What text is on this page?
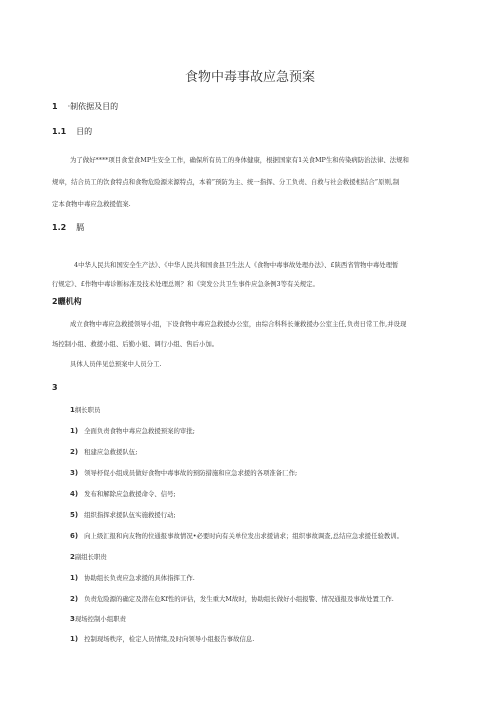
食物中毒事故应急预案
1 ·制依据及目的
1.1 目的
为了做好****项目食堂食MP生安全工作，确保所有员工的身体健康，根据国家有1关食MP生和传染病防治法律、法规和
规章，结合员工的饮食特点和食物危险源来源特点，本着”预防为主、统一指挥、分工负责、自救与社会救援相结合”原则,制
定本食物中毒应急救援值案.
1.2 膈
4中华人民共和国安全生产法》、《中华人民共和国食县卫生法人《食物中毒事故处理办法》、£陕西省管物中毒处理暂
行规定》、£作物中毒诊断标准及技术处理总则？和《突发公共卫生事件应急条例3等有关规定。
2曬机构
成立食物中毒应急救援领导小组，下设食物中毒应急救援办公室，由综合科科长兼救援办公室主任,负责日常工作,并设现
场控制小组、救援小组、后勤小姐、调行小组、售后小加。
具体人员伴见总预案中人员分工.
3
1纲长职员
1) 全面负责食物中毒应急救援预案的审批;
2) 租建应急救援队伍;
3) 领导杼促小组成员做好食物中毒事故的预防措施和应急求援的各项准备匚作;
4) 发布和解除应急救援命令、信号;
5) 组织指挥求援队伍实施救援行动;
6) 向上级汇报和向友物的位通报事故情况•必要时向有关单位发出求援请求；组织事故调查,总结应急求援任验教训。
2副组长职贵
1) 协助组长负责应急求援的具体指挥工作.
2) 负责危险源的确定及潜在危Kf性的评估，发生重大M故时，协助组长做好小组报警、情况通报及事故处置工作.
3现场控制小组职责
1) 控制现场秩序，检定人员情绪,及时向领导小组报告事故信息.
